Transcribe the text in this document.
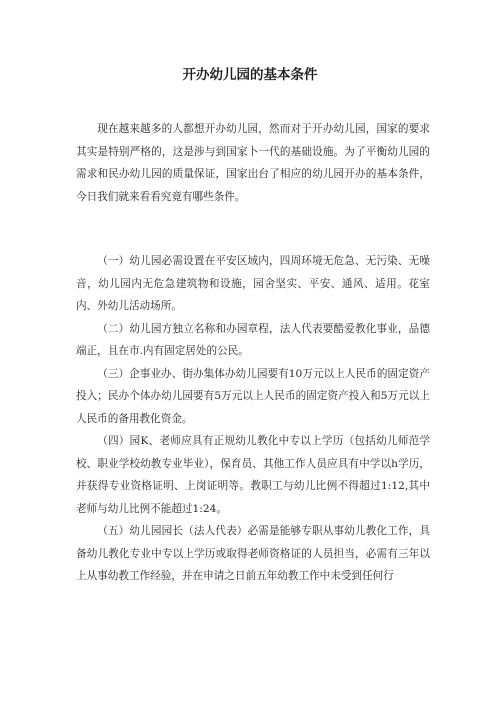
开办幼儿园的基本条件

现在越来越多的人都想开办幼儿园，然而对于开办幼儿园，国家的要求其实是特别严格的，这是涉与到国家卜一代的基础设施。为了平衡幼儿园的需求和民办幼儿园的质量保证，国家出台了相应的幼儿园开办的基本条件，今日我们就来看看究竟有哪些条件。

（一）幼儿园必需设置在平安区域内，四周环境无危急、无污染、无噪音，幼儿园内无危急建筑物和设施，园舍坚实、平安、通风、适用。花室内、外幼儿活动场所。

（二）幼儿园方独立名称和办园章程，法人代表要酷爱教化事业，品德端正，且在市.内有固定居处的公民。

（三）企事业办、街办集体办幼儿园要有10万元以上人民币的固定资产投入；民办个体办幼儿园要有5万元以上人民币的固定资产投入和5万元以上人民币的备用教化资金。

（四）园K、老师应具有正规幼儿教化中专以上学历（包括幼儿师范学校、职业学校幼教专业毕业），保育员、其他工作人员应具有中学以h学历，并获得专业资格证明、上岗证明等。教职工与幼儿比例不得超过1:12,其中老师与幼儿比例不能超过1:24。

（五）幼儿园园长（法人代表）必需是能够专职从事幼儿教化工作，具备幼儿教化专业中专以上学历或取得老师资格证的人员担当，必需有三年以上从事幼教工作经验，并在申请之日前五年幼教工作中未受到任何行
